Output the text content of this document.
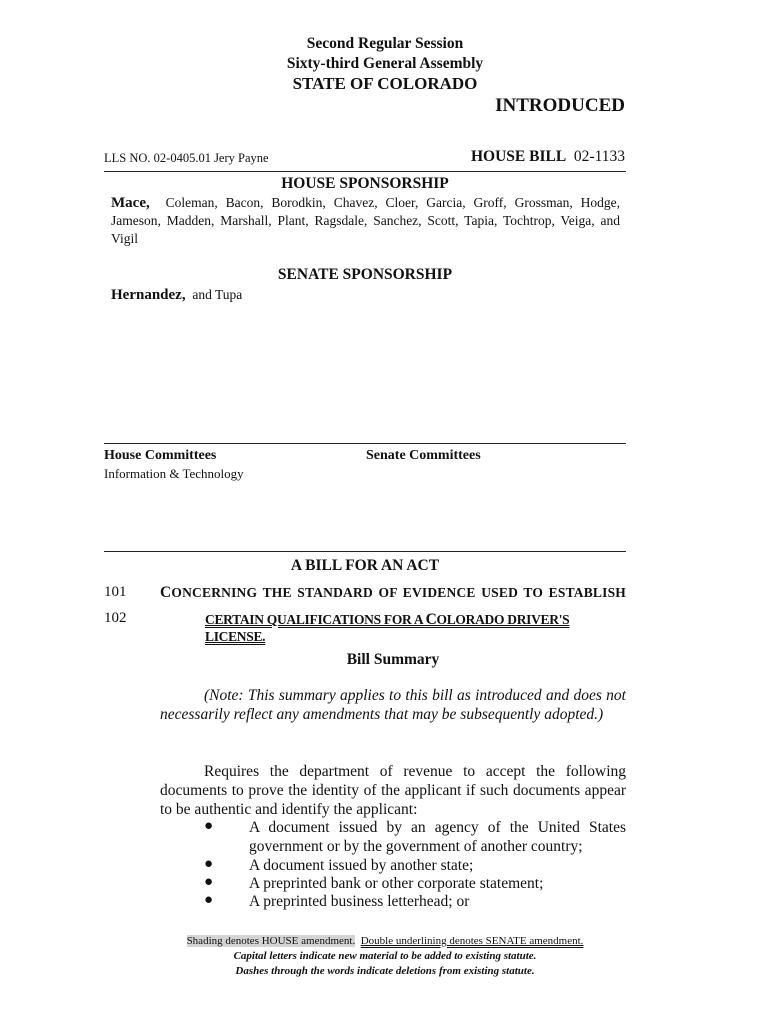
Second Regular Session
Sixty-third General Assembly
STATE OF COLORADO
INTRODUCED
LLS NO. 02-0405.01 Jery Payne	HOUSE BILL 02-1133
HOUSE SPONSORSHIP
Mace, Coleman, Bacon, Borodkin, Chavez, Cloer, Garcia, Groff, Grossman, Hodge, Jameson, Madden, Marshall, Plant, Ragsdale, Sanchez, Scott, Tapia, Tochtrop, Veiga, and Vigil
SENATE SPONSORSHIP
Hernandez, and Tupa
House Committees
Information & Technology
Senate Committees
A BILL FOR AN ACT
101 CONCERNING THE STANDARD OF EVIDENCE USED TO ESTABLISH
102	CERTAIN QUALIFICATIONS FOR A COLORADO DRIVER'S LICENSE.
Bill Summary
(Note: This summary applies to this bill as introduced and does not necessarily reflect any amendments that may be subsequently adopted.)
Requires the department of revenue to accept the following documents to prove the identity of the applicant if such documents appear to be authentic and identify the applicant:
● A document issued by an agency of the United States government or by the government of another country;
● A document issued by another state;
● A preprinted bank or other corporate statement;
● A preprinted business letterhead; or
Shading denotes HOUSE amendment. Double underlining denotes SENATE amendment.
Capital letters indicate new material to be added to existing statute.
Dashes through the words indicate deletions from existing statute.
